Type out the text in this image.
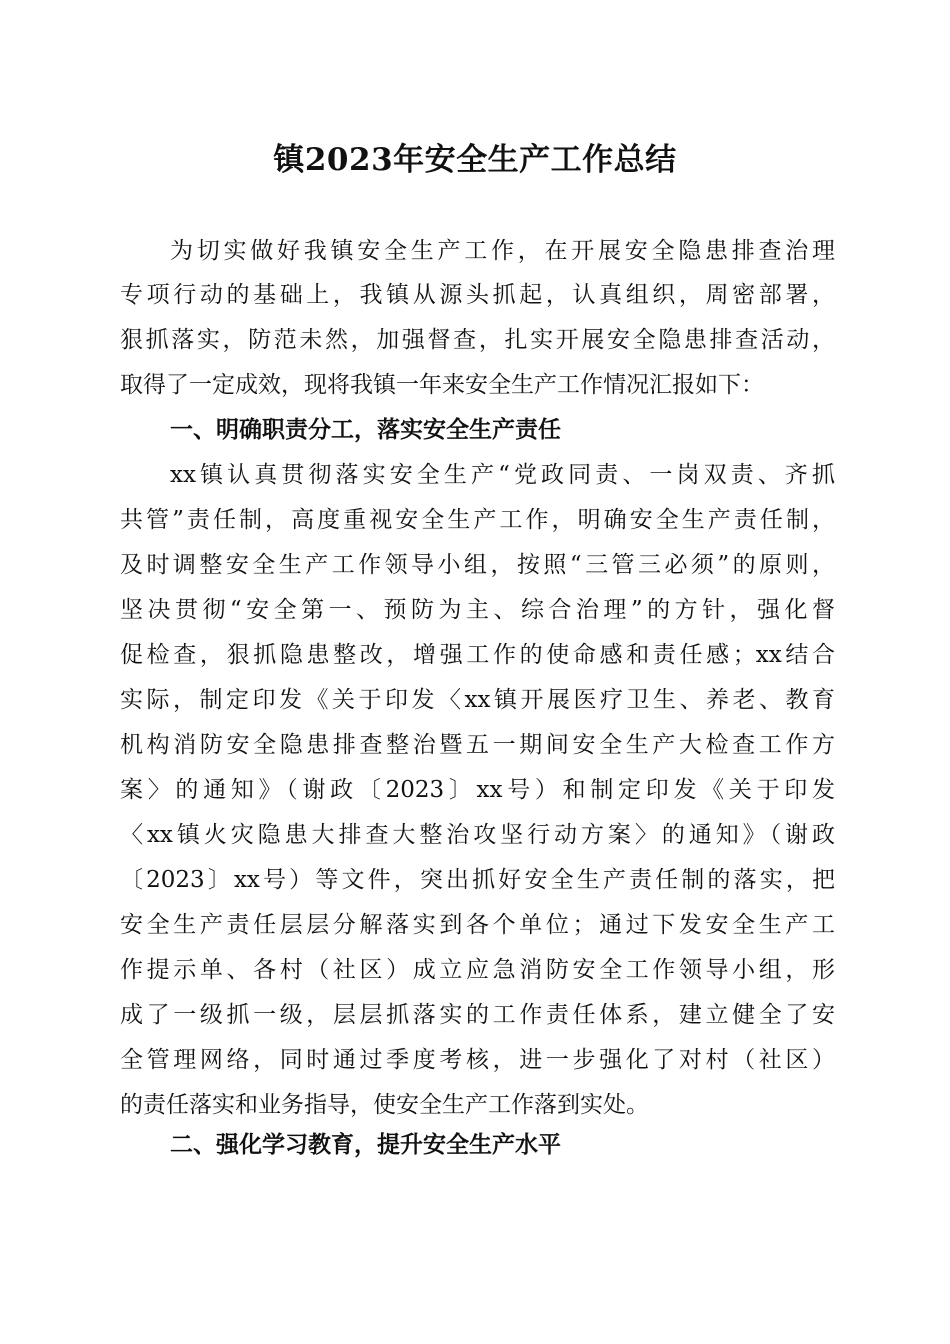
镇2023年安全生产工作总结
为切实做好我镇安全生产工作，在开展安全隐患排查治理
专项行动的基础上，我镇从源头抓起，认真组织，周密部署，
狠抓落实，防范未然，加强督查，扎实开展安全隐患排查活动，
取得了一定成效，现将我镇一年来安全生产工作情况汇报如下：
一、明确职责分工，落实安全生产责任
xx镇认真贯彻落实安全生产“党政同责、一岗双责、齐抓
共管”责任制，高度重视安全生产工作，明确安全生产责任制，
及时调整安全生产工作领导小组，按照“三管三必须”的原则，
坚决贯彻“安全第一、预防为主、综合治理”的方针，强化督
促检查，狠抓隐患整改，增强工作的使命感和责任感；xx结合
实际，制定印发《关于印发〈xx镇开展医疗卫生、养老、教育
机构消防安全隐患排查整治暨五一期间安全生产大检查工作方
案〉的通知》（谢政〔2023〕xx号）和制定印发《关于印发
〈xx镇火灾隐患大排查大整治攻坚行动方案〉的通知》（谢政
〔2023〕xx号）等文件，突出抓好安全生产责任制的落实，把
安全生产责任层层分解落实到各个单位；通过下发安全生产工
作提示单、各村（社区）成立应急消防安全工作领导小组，形
成了一级抓一级，层层抓落实的工作责任体系，建立健全了安
全管理网络，同时通过季度考核，进一步强化了对村（社区）
的责任落实和业务指导，使安全生产工作落到实处。
二、强化学习教育，提升安全生产水平
